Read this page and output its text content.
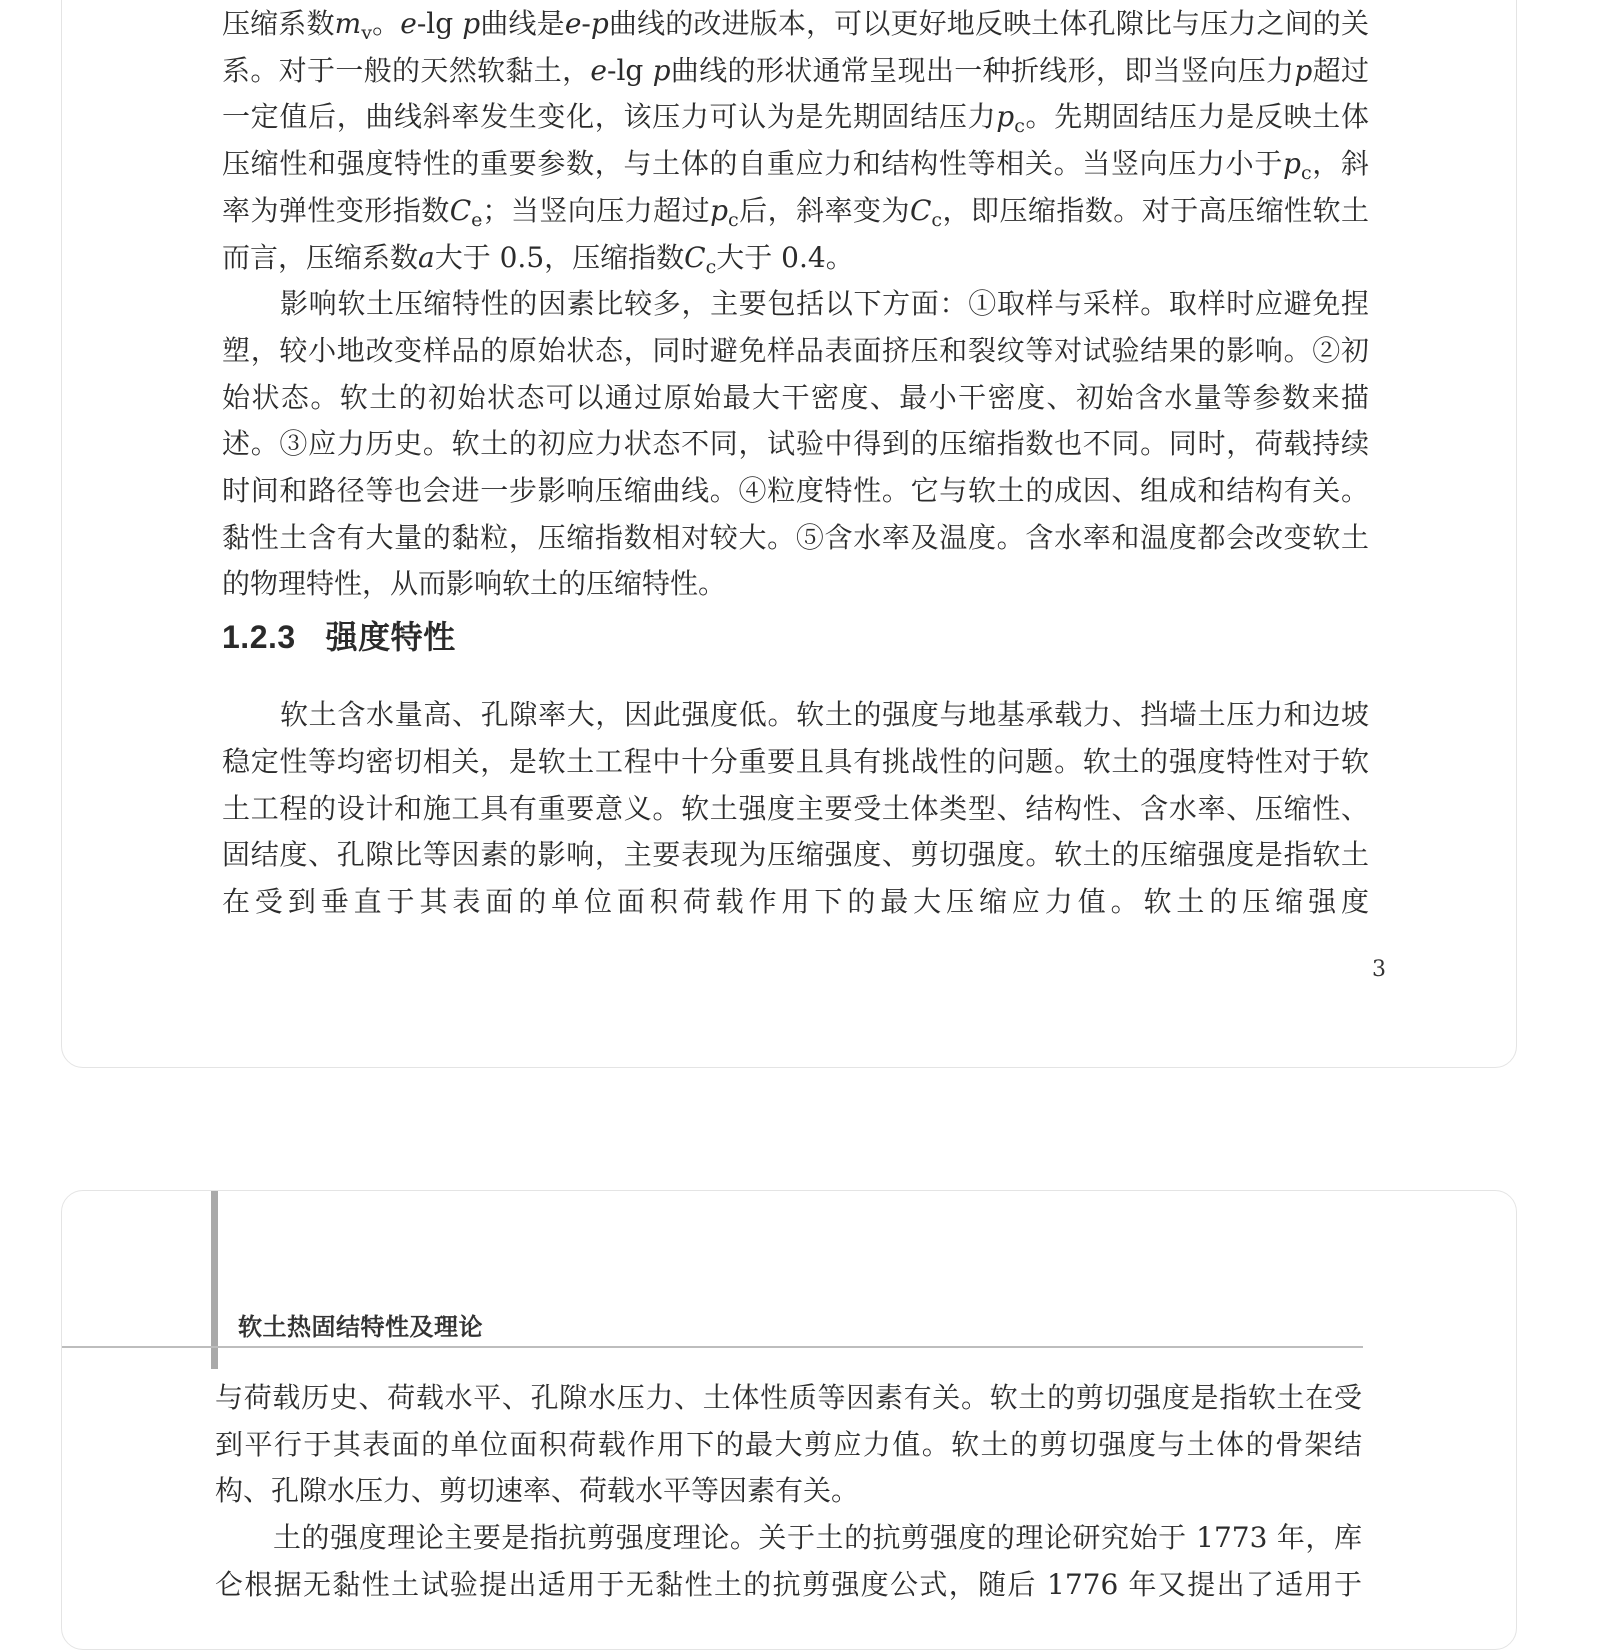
压缩系数$m_v$。e-lg p曲线是e-p曲线的改进版本，可以更好地反映土体孔隙比与压力之间的关系。对于一般的天然软黏土，e-lg p曲线的形状通常呈现出一种折线形，即当竖向压力p超过一定值后，曲线斜率发生变化，该压力可认为是先期固结压力$p_c$。先期固结压力是反映土体压缩性和强度特性的重要参数，与土体的自重应力和结构性等相关。当竖向压力小于$p_c$，斜率为弹性变形指数$C_e$；当竖向压力超过$p_c$后，斜率变为$C_c$，即压缩指数。对于高压缩性软土而言，压缩系数a大于 0.5，压缩指数$C_c$大于 0.4。

影响软土压缩特性的因素比较多，主要包括以下方面：①取样与采样。取样时应避免捏塑，较小地改变样品的原始状态，同时避免样品表面挤压和裂纹等对试验结果的影响。②初始状态。软土的初始状态可以通过原始最大干密度、最小干密度、初始含水量等参数来描述。③应力历史。软土的初应力状态不同，试验中得到的压缩指数也不同。同时，荷载持续时间和路径等也会进一步影响压缩曲线。④粒度特性。它与软土的成因、组成和结构有关。黏性土含有大量的黏粒，压缩指数相对较大。⑤含水率及温度。含水率和温度都会改变软土的物理特性，从而影响软土的压缩特性。

1.2.3 强度特性

软土含水量高、孔隙率大，因此强度低。软土的强度与地基承载力、挡墙土压力和边坡稳定性等均密切相关，是软土工程中十分重要且具有挑战性的问题。软土的强度特性对于软土工程的设计和施工具有重要意义。软土强度主要受土体类型、结构性、含水率、压缩性、固结度、孔隙比等因素的影响，主要表现为压缩强度、剪切强度。软土的压缩强度是指软土在受到垂直于其表面的单位面积荷载作用下的最大压缩应力值。软土的压缩强度

3
软土热固结特性及理论

与荷载历史、荷载水平、孔隙水压力、土体性质等因素有关。软土的剪切强度是指软土在受到平行于其表面的单位面积荷载作用下的最大剪应力值。软土的剪切强度与土体的骨架结构、孔隙水压力、剪切速率、荷载水平等因素有关。

土的强度理论主要是指抗剪强度理论。关于土的抗剪强度的理论研究始于 1773 年，库仑根据无黏性土试验提出适用于无黏性土的抗剪强度公式，随后 1776 年又提出了适用于
